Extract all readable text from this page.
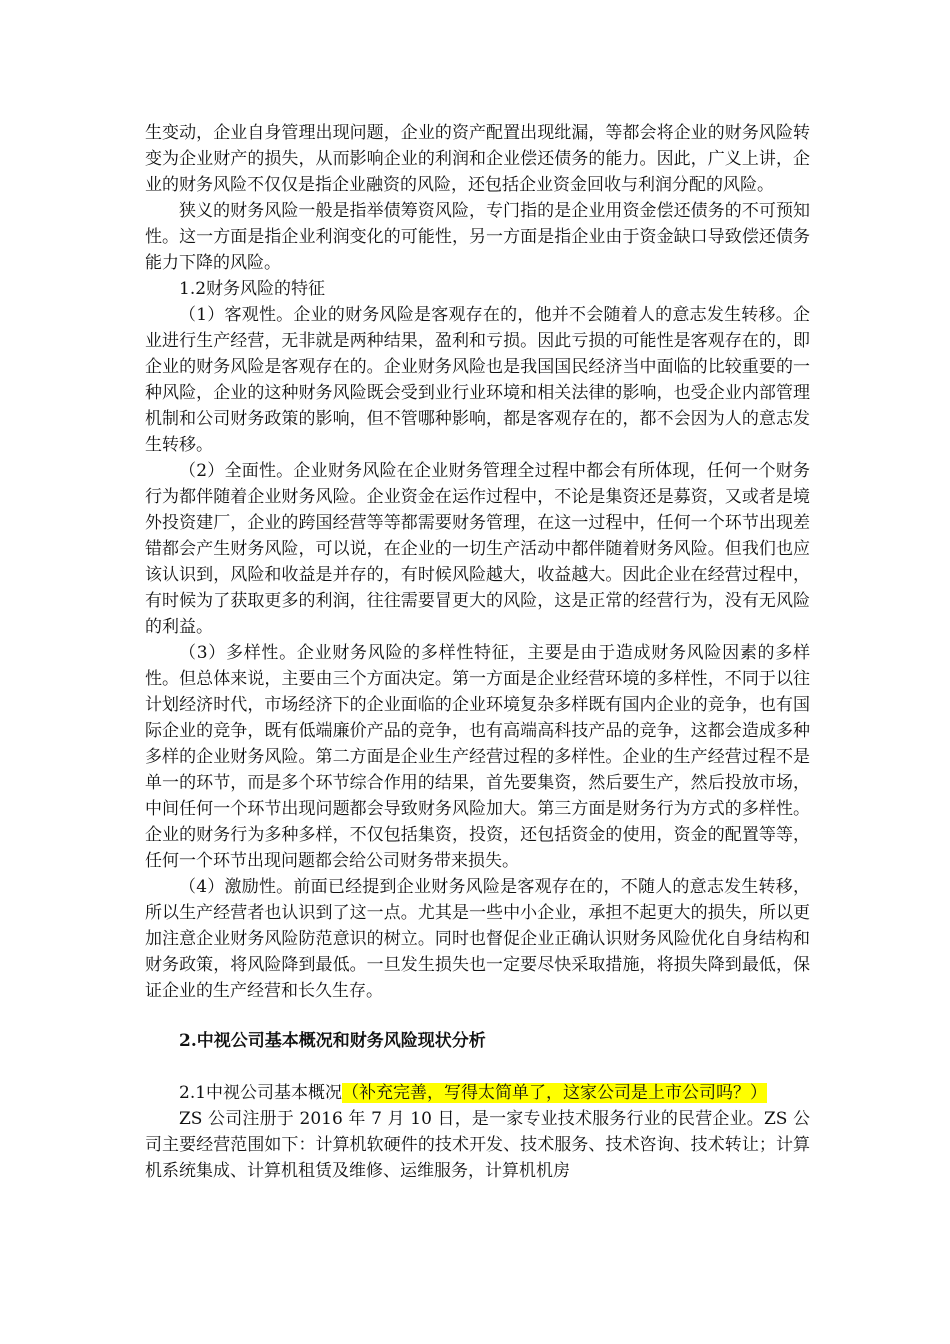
生变动，企业自身管理出现问题，企业的资产配置出现纰漏，等都会将企业的财务风险转变为企业财产的损失，从而影响企业的利润和企业偿还债务的能力。因此，广义上讲，企业的财务风险不仅仅是指企业融资的风险，还包括企业资金回收与利润分配的风险。

狭义的财务风险一般是指举债筹资风险，专门指的是企业用资金偿还债务的不可预知性。这一方面是指企业利润变化的可能性，另一方面是指企业由于资金缺口导致偿还债务能力下降的风险。

1.2财务风险的特征

（1）客观性。企业的财务风险是客观存在的，他并不会随着人的意志发生转移。企业进行生产经营，无非就是两种结果，盈利和亏损。因此亏损的可能性是客观存在的，即企业的财务风险是客观存在的。企业财务风险也是我国国民经济当中面临的比较重要的一种风险，企业的这种财务风险既会受到业行业环境和相关法律的影响，也受企业内部管理机制和公司财务政策的影响，但不管哪种影响，都是客观存在的，都不会因为人的意志发生转移。

（2）全面性。企业财务风险在企业财务管理全过程中都会有所体现，任何一个财务行为都伴随着企业财务风险。企业资金在运作过程中，不论是集资还是募资，又或者是境外投资建厂，企业的跨国经营等等都需要财务管理，在这一过程中，任何一个环节出现差错都会产生财务风险，可以说，在企业的一切生产活动中都伴随着财务风险。但我们也应该认识到，风险和收益是并存的，有时候风险越大，收益越大。因此企业在经营过程中，有时候为了获取更多的利润，往往需要冒更大的风险，这是正常的经营行为，没有无风险的利益。

（3）多样性。企业财务风险的多样性特征，主要是由于造成财务风险因素的多样性。但总体来说，主要由三个方面决定。第一方面是企业经营环境的多样性，不同于以往计划经济时代，市场经济下的企业面临的企业环境复杂多样既有国内企业的竞争，也有国际企业的竞争，既有低端廉价产品的竞争，也有高端高科技产品的竞争，这都会造成多种多样的企业财务风险。第二方面是企业生产经营过程的多样性。企业的生产经营过程不是单一的环节，而是多个环节综合作用的结果，首先要集资，然后要生产，然后投放市场，中间任何一个环节出现问题都会导致财务风险加大。第三方面是财务行为方式的多样性。企业的财务行为多种多样，不仅包括集资，投资，还包括资金的使用，资金的配置等等，任何一个环节出现问题都会给公司财务带来损失。

（4）激励性。前面已经提到企业财务风险是客观存在的，不随人的意志发生转移，所以生产经营者也认识到了这一点。尤其是一些中小企业，承担不起更大的损失，所以更加注意企业财务风险防范意识的树立。同时也督促企业正确认识财务风险优化自身结构和财务政策，将风险降到最低。一旦发生损失也一定要尽快采取措施，将损失降到最低，保证企业的生产经营和长久生存。

2.中视公司基本概况和财务风险现状分析

2.1中视公司基本概况（补充完善，写得太简单了，这家公司是上市公司吗？）

ZS 公司注册于 2016 年 7 月 10 日，是一家专业技术服务行业的民营企业。ZS 公司主要经营范围如下：计算机软硬件的技术开发、技术服务、技术咨询、技术转让；计算机系统集成、计算机租赁及维修、运维服务，计算机机房
